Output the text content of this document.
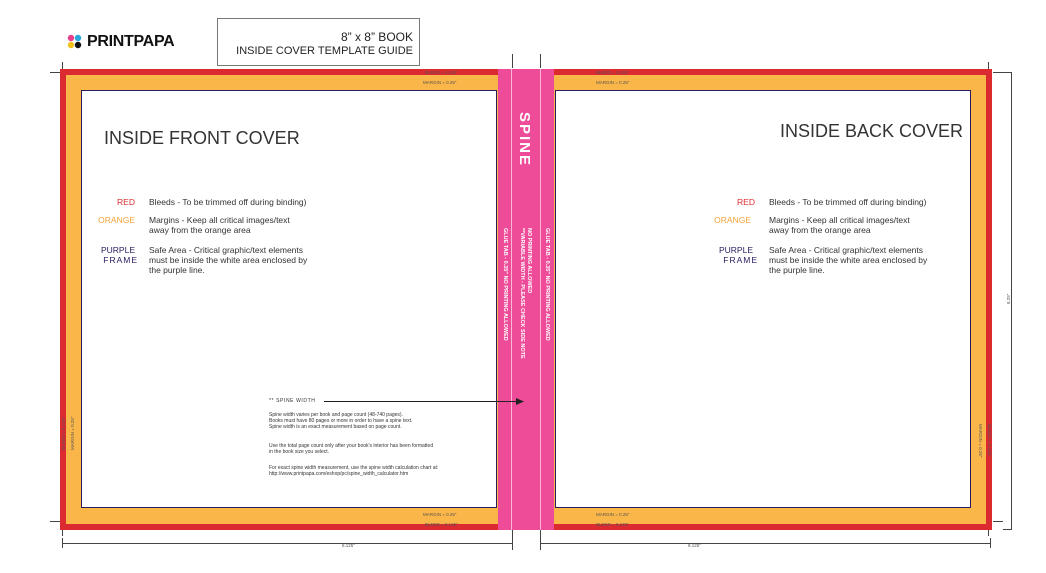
PRINTPAPA	8” x 8” BOOK
INSIDE COVER TEMPLATE GUIDE
8.125”	8.125”
8.25”
BLEED = 0.125”
MARGIN = 0.25”
BLEED = 0.125”
MARGIN = 0.25”
MARGIN = 0.25”
BLEED = 0.125”
MARGIN = 0.25”
BLEED = 0.125”
BLEED = 0.125” MARGIN = 0.25”	MARGIN = 0.25” BLEED = 0.125”
INSIDE FRONT COVER	INSIDE BACK COVER
RED Bleeds - To be trimmed off during binding)
ORANGE Margins - Keep all critical images/text
away from the orange area
PURPLE
FRAME
Safe Area - Critical graphic/text elements
must be inside the white area enclosed by
the purple line.
RED Bleeds - To be trimmed off during binding)
ORANGE Margins - Keep all critical images/text
away from the orange area
PURPLE
FRAME
Safe Area - Critical graphic/text elements
must be inside the white area enclosed by
the purple line.
SPINE
NO PRINTING ALLOWED
**VARIABLE WIDTH - PLEASE CHECK SIDE NOTE
GLUE TAB - 0.35” NO PRINTING ALLOWED	GLUE TAB - 0.35” NO PRINTING ALLOWED
** SPINE WIDTH
Spine width varies per book and page count (48-740 pages).
Books must have 80 pages or more in order to have a spine text.
Spine width is an exact measurement based on page count.
Use the total page count only after your book's interior has been formatted
in the book size you select.
For exact spine width measurement, use the spine width calculation chart at:
http://www.printpapa.com/eshop/pc/spine_width_calculator.htm
